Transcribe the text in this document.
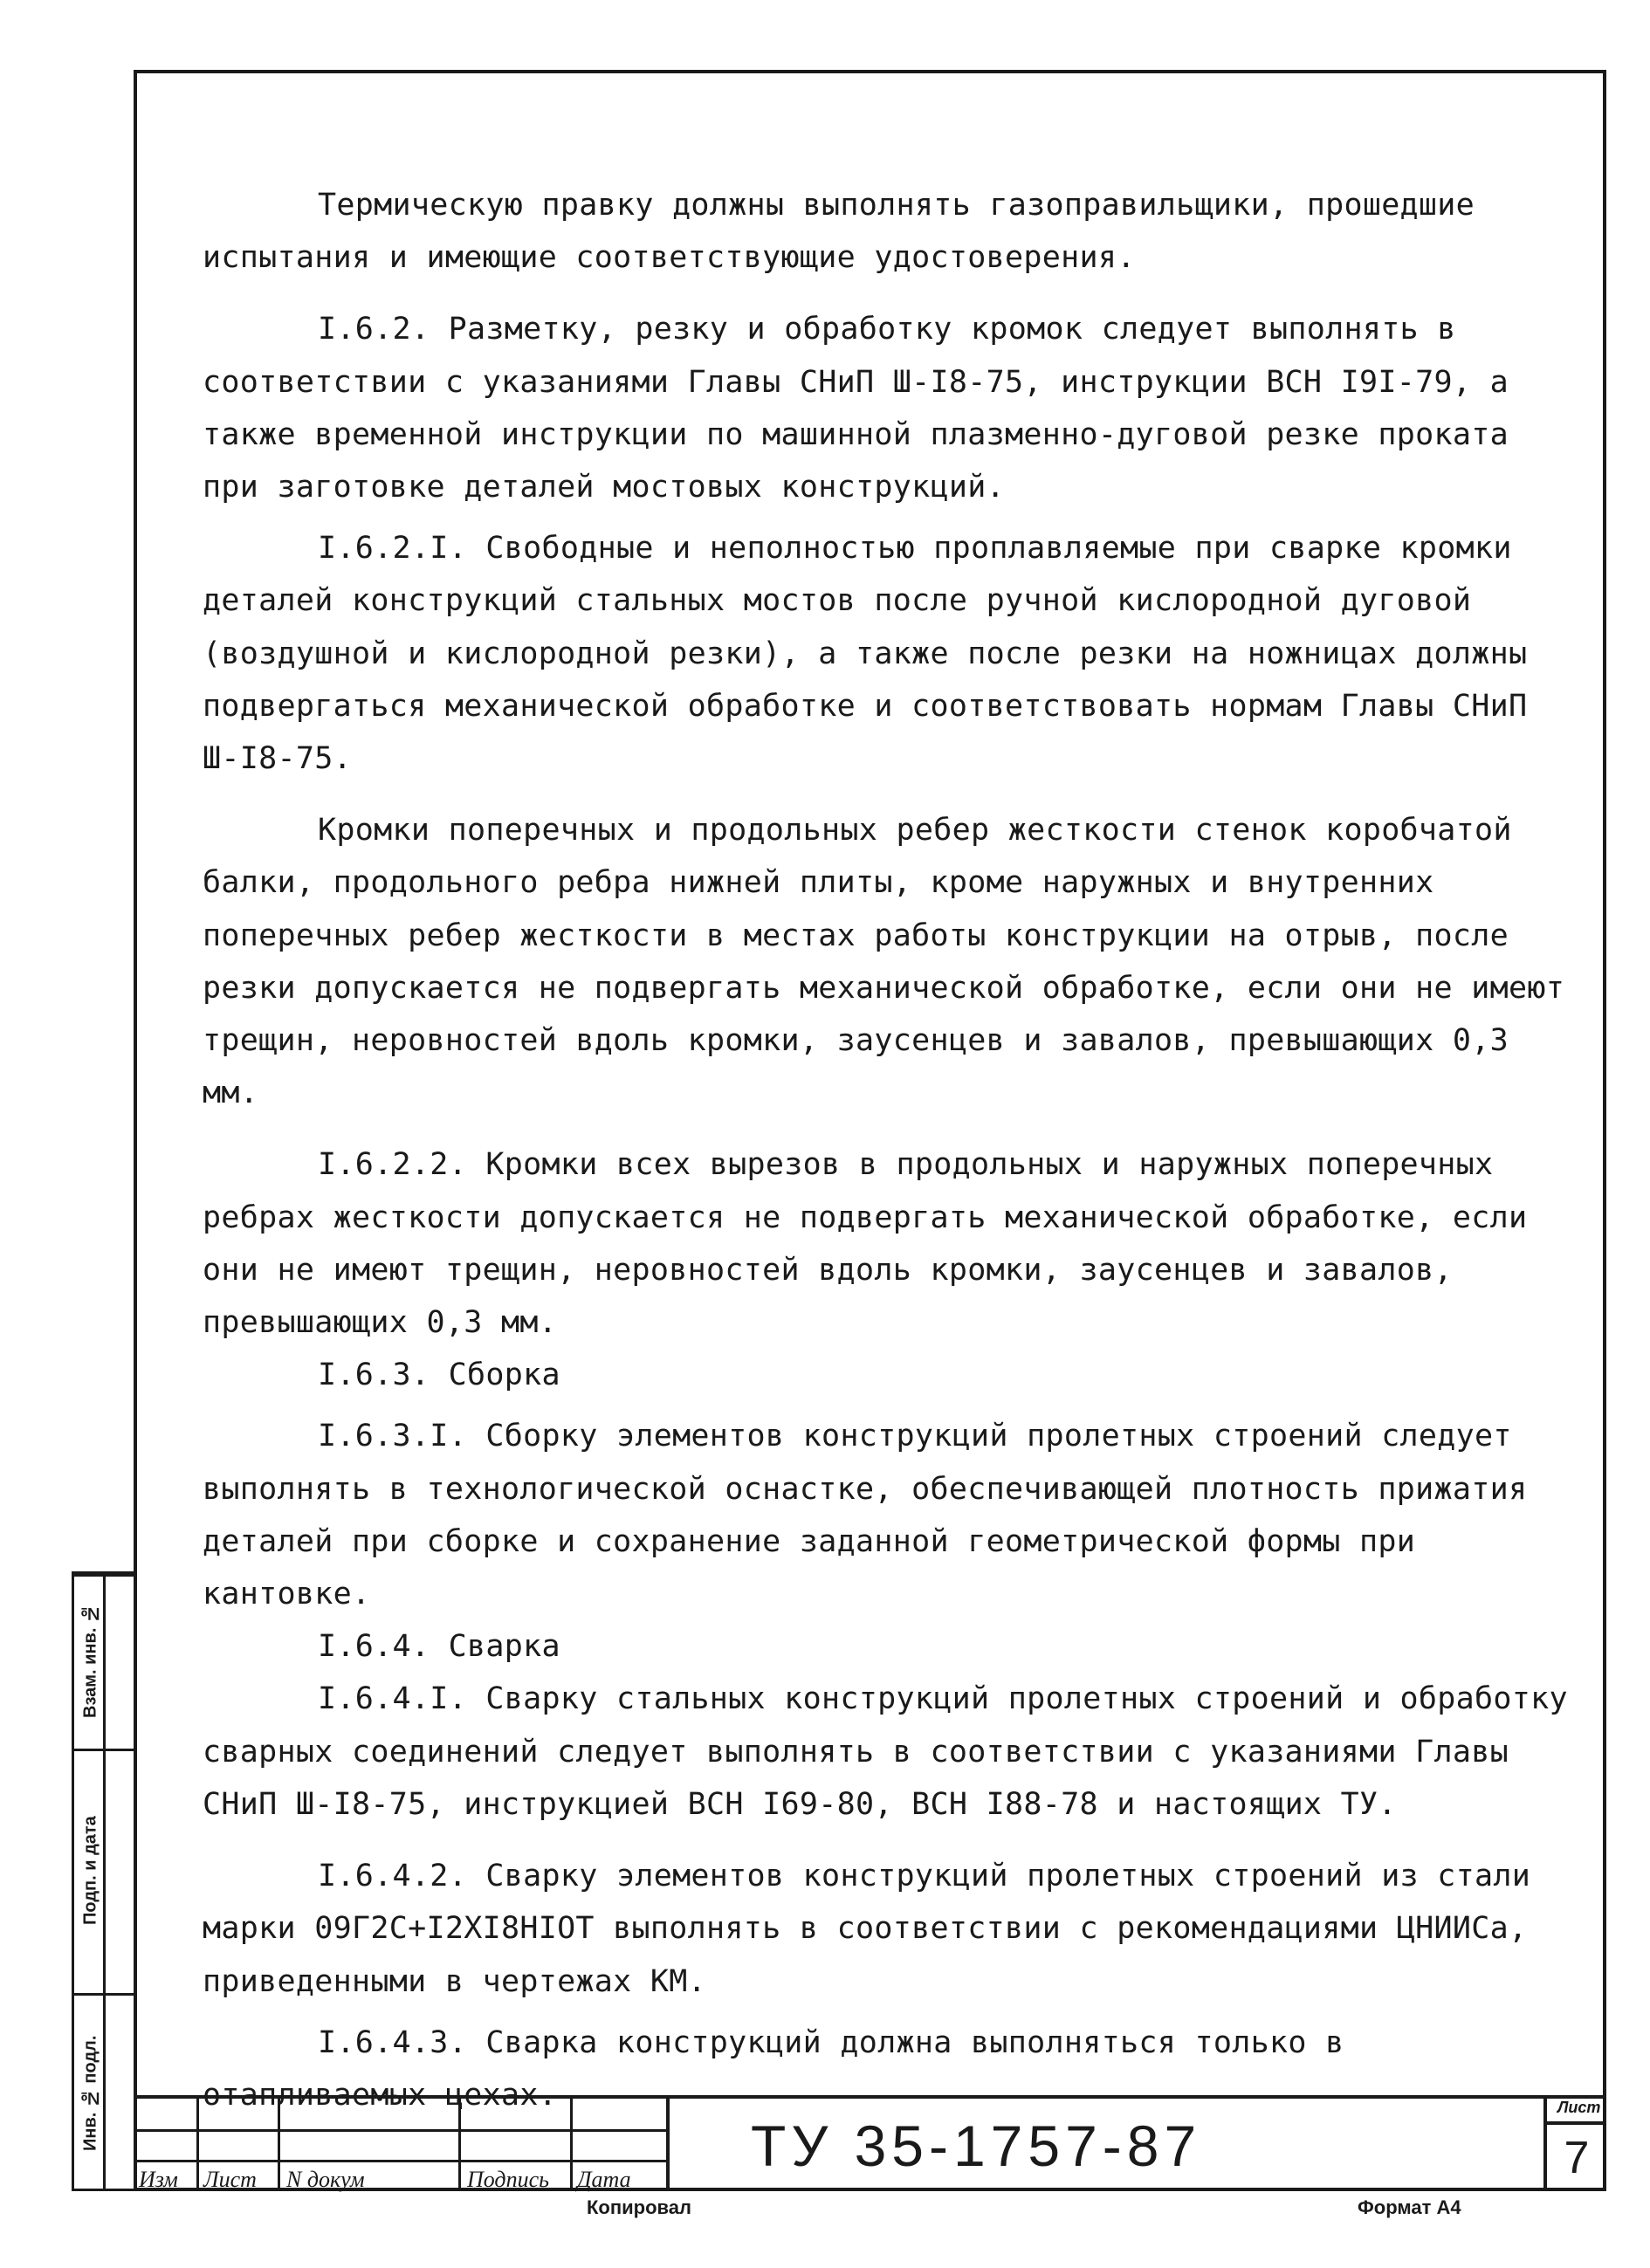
Термическую правку должны выполнять газоправильщики, прошедшие испытания и имеющие соответствующие удостоверения.

I.6.2. Разметку, резку и обработку кромок следует выполнять в соответствии с указаниями Главы СНиП Ш-I8-75, инструкции ВСН I9I-79, а также временной инструкции по машинной плазменно-дуговой резке проката при заготовке деталей мостовых конструкций.

I.6.2.I. Свободные и неполностью проплавляемые при сварке кромки деталей конструкций стальных мостов после ручной кислородной дуговой (воздушной и кислородной резки), а также после резки на ножницах должны подвергаться механической обработке и соответствовать нормам Главы СНиП Ш-I8-75.

Кромки поперечных и продольных ребер жесткости стенок коробчатой балки, продольного ребра нижней плиты, кроме наружных и внутренних поперечных ребер жесткости в местах работы конструкции на отрыв, после резки допускается не подвергать механической обработке, если они не имеют трещин, неровностей вдоль кромки, заусенцев и завалов, превышающих 0,3 мм.

I.6.2.2. Кромки всех вырезов в продольных и наружных поперечных ребрах жесткости допускается не подвергать механической обработке, если они не имеют трещин, неровностей вдоль кромки, заусенцев и завалов, превышающих 0,3 мм.

I.6.3. Сборка

I.6.3.I. Сборку элементов конструкций пролетных строений следует выполнять в технологической оснастке, обеспечивающей плотность прижатия деталей при сборке и сохранение заданной геометрической формы при кантовке.

I.6.4. Сварка

I.6.4.I. Сварку стальных конструкций пролетных строений и обработку сварных соединений следует выполнять в соответствии с указаниями Главы СНиП Ш-I8-75, инструкцией ВСН I69-80, ВСН I88-78 и настоящих ТУ.

I.6.4.2. Сварку элементов конструкций пролетных строений из стали марки 09Г2С+I2XI8HIOT выполнять в соответствии с рекомендациями ЦНИИСа, приведенными в чертежах КМ.

I.6.4.3. Сварка конструкций должна выполняться только в отапливаемых цехах.

Взам. инв. №
Подп. и дата
Инв. № подл.
Изм Лист N докум	Подпись Дата
ТУ 35-1757-87
Лист
7
Копировал	Формат А4
